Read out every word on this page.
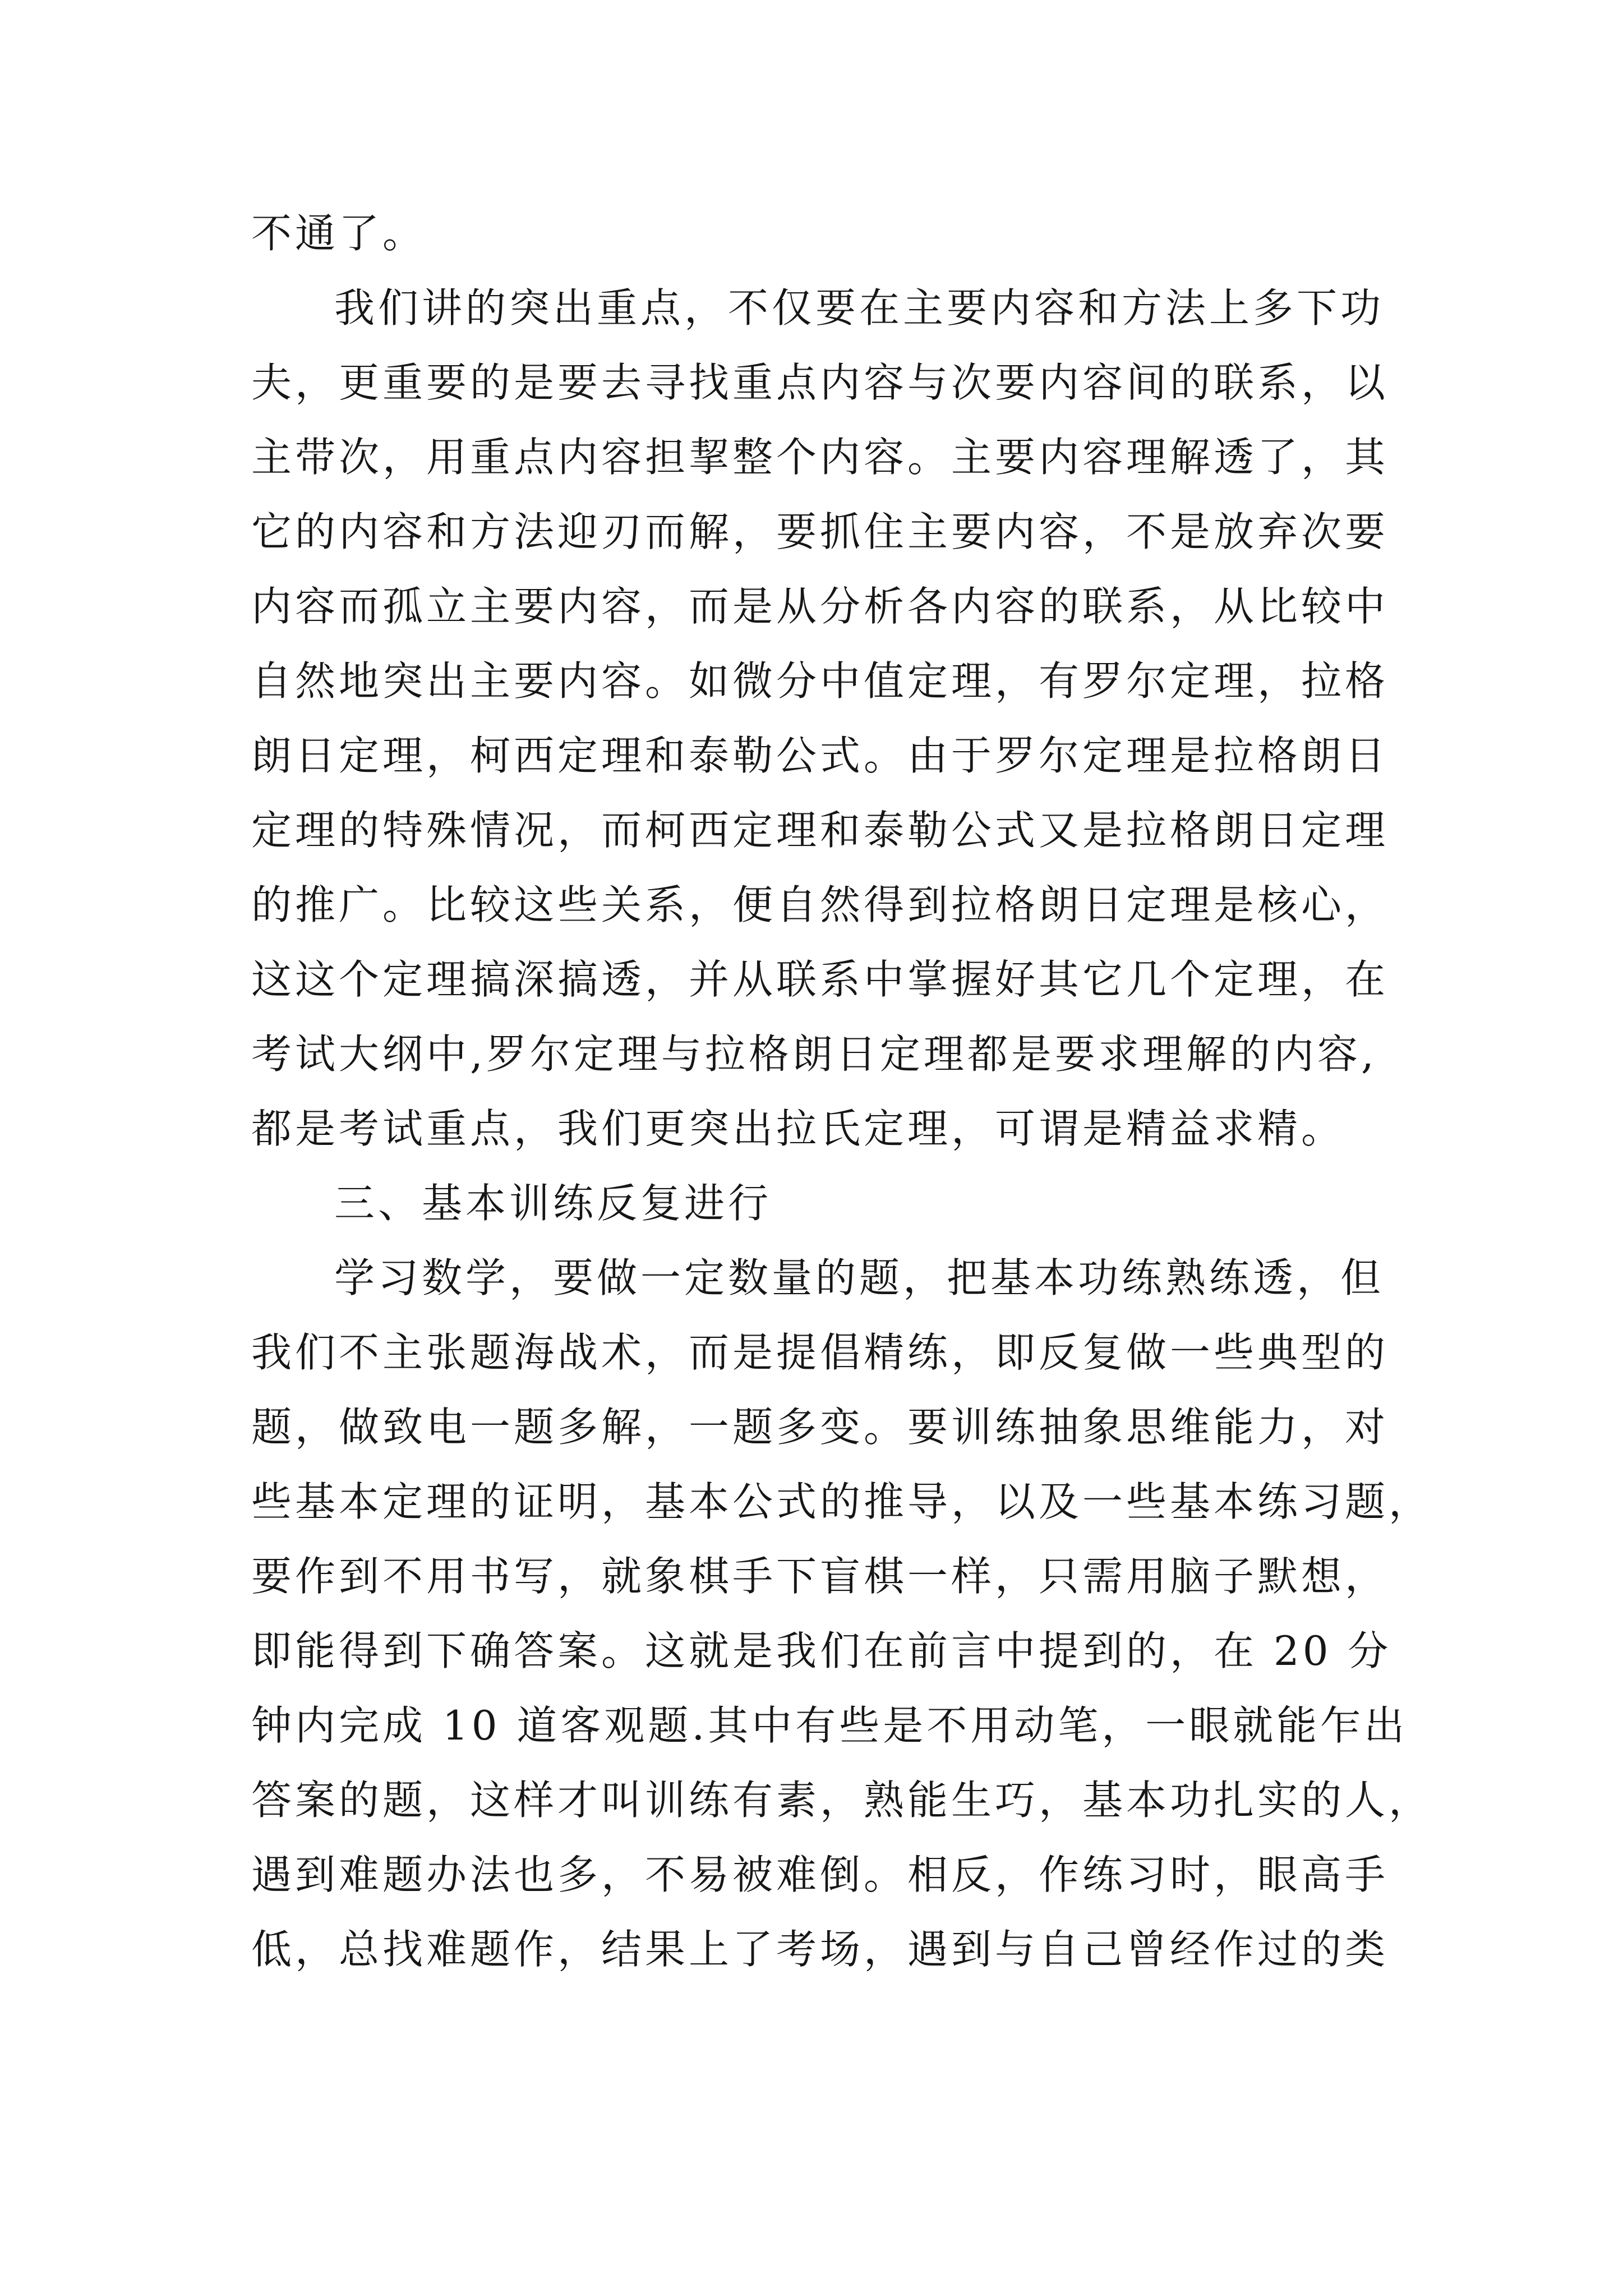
不通了。
我们讲的突出重点，不仅要在主要内容和方法上多下功
夫，更重要的是要去寻找重点内容与次要内容间的联系，以
主带次，用重点内容担挈整个内容。主要内容理解透了，其
它的内容和方法迎刃而解，要抓住主要内容，不是放弃次要
内容而孤立主要内容，而是从分析各内容的联系，从比较中
自然地突出主要内容。如微分中值定理，有罗尔定理，拉格
朗日定理，柯西定理和泰勒公式。由于罗尔定理是拉格朗日
定理的特殊情况，而柯西定理和泰勒公式又是拉格朗日定理
的推广。比较这些关系，便自然得到拉格朗日定理是核心，
这这个定理搞深搞透，并从联系中掌握好其它几个定理，在
考试大纲中,罗尔定理与拉格朗日定理都是要求理解的内容,
都是考试重点，我们更突出拉氏定理，可谓是精益求精。
三、基本训练反复进行
学习数学，要做一定数量的题，把基本功练熟练透，但
我们不主张题海战术，而是提倡精练，即反复做一些典型的
题，做致电一题多解，一题多变。要训练抽象思维能力，对
些基本定理的证明，基本公式的推导，以及一些基本练习题，
要作到不用书写，就象棋手下盲棋一样，只需用脑子默想，
即能得到下确答案。这就是我们在前言中提到的，在 20 分
钟内完成 10 道客观题.其中有些是不用动笔，一眼就能乍出
答案的题，这样才叫训练有素，熟能生巧，基本功扎实的人，
遇到难题办法也多，不易被难倒。相反，作练习时，眼高手
低，总找难题作，结果上了考场，遇到与自己曾经作过的类
